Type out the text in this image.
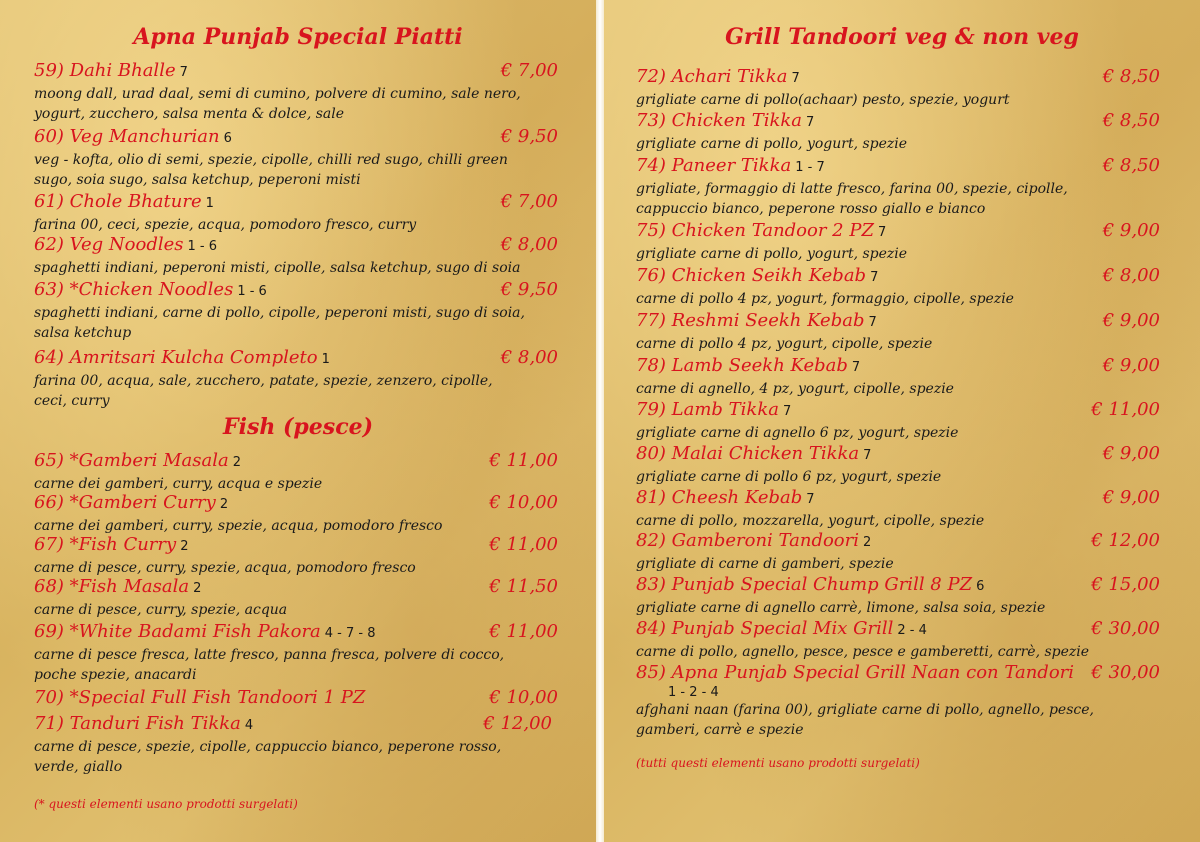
Apna Punjab Special Piatti
59) Dahi Bhalle 7	€ 7,00
moong dall, urad daal, semi di cumino, polvere di cumino, sale nero,
yogurt, zucchero, salsa menta & dolce, sale
60) Veg Manchurian 6	€ 9,50
veg - kofta, olio di semi, spezie, cipolle, chilli red sugo, chilli green
sugo, soia sugo, salsa ketchup, peperoni misti
61) Chole Bhature 1	€ 7,00
farina 00, ceci, spezie, acqua, pomodoro fresco, curry
62) Veg Noodles 1 - 6	€ 8,00
spaghetti indiani, peperoni misti, cipolle, salsa ketchup, sugo di soia
63) *Chicken Noodles 1 - 6	€ 9,50
spaghetti indiani, carne di pollo, cipolle, peperoni misti, sugo di soia,
salsa ketchup
64) Amritsari Kulcha Completo 1	€ 8,00
farina 00, acqua, sale, zucchero, patate, spezie, zenzero, cipolle,
ceci, curry
Fish (pesce)
65) *Gamberi Masala 2	€ 11,00
carne dei gamberi, curry, acqua e spezie
66) *Gamberi Curry 2	€ 10,00
carne dei gamberi, curry, spezie, acqua, pomodoro fresco
67) *Fish Curry 2	€ 11,00
carne di pesce, curry, spezie, acqua, pomodoro fresco
68) *Fish Masala 2	€ 11,50
carne di pesce, curry, spezie, acqua
69) *White Badami Fish Pakora 4 - 7 - 8	€ 11,00
carne di pesce fresca, latte fresco, panna fresca, polvere di cocco,
poche spezie, anacardi
70) *Special Full Fish Tandoori 1 PZ	€ 10,00
71) Tanduri Fish Tikka 4	€ 12,00
carne di pesce, spezie, cipolle, cappuccio bianco, peperone rosso,
verde, giallo
(* questi elementi usano prodotti surgelati)
Grill Tandoori veg & non veg
72) Achari Tikka 7	€ 8,50
grigliate carne di pollo(achaar) pesto, spezie, yogurt
73) Chicken Tikka 7	€ 8,50
grigliate carne di pollo, yogurt, spezie
74) Paneer Tikka 1 - 7	€ 8,50
grigliate, formaggio di latte fresco, farina 00, spezie, cipolle,
cappuccio bianco, peperone rosso giallo e bianco
75) Chicken Tandoor 2 PZ 7	€ 9,00
grigliate carne di pollo, yogurt, spezie
76) Chicken Seikh Kebab 7	€ 8,00
carne di pollo 4 pz, yogurt, formaggio, cipolle, spezie
77) Reshmi Seekh Kebab 7	€ 9,00
carne di pollo 4 pz, yogurt, cipolle, spezie
78) Lamb Seekh Kebab 7	€ 9,00
carne di agnello, 4 pz, yogurt, cipolle, spezie
79) Lamb Tikka 7	€ 11,00
grigliate carne di agnello 6 pz, yogurt, spezie
80) Malai Chicken Tikka 7	€ 9,00
grigliate carne di pollo 6 pz, yogurt, spezie
81) Cheesh Kebab 7	€ 9,00
carne di pollo, mozzarella, yogurt, cipolle, spezie
82) Gamberoni Tandoori 2	€ 12,00
grigliate di carne di gamberi, spezie
83) Punjab Special Chump Grill 8 PZ 6	€ 15,00
grigliate carne di agnello carrè, limone, salsa soia, spezie
84) Punjab Special Mix Grill 2 - 4	€ 30,00
carne di pollo, agnello, pesce, pesce e gamberetti, carrè, spezie
85) Apna Punjab Special Grill Naan con Tandori € 30,00
1 - 2 - 4
afghani naan (farina 00), grigliate carne di pollo, agnello, pesce,
gamberi, carrè e spezie
(tutti questi elementi usano prodotti surgelati)
